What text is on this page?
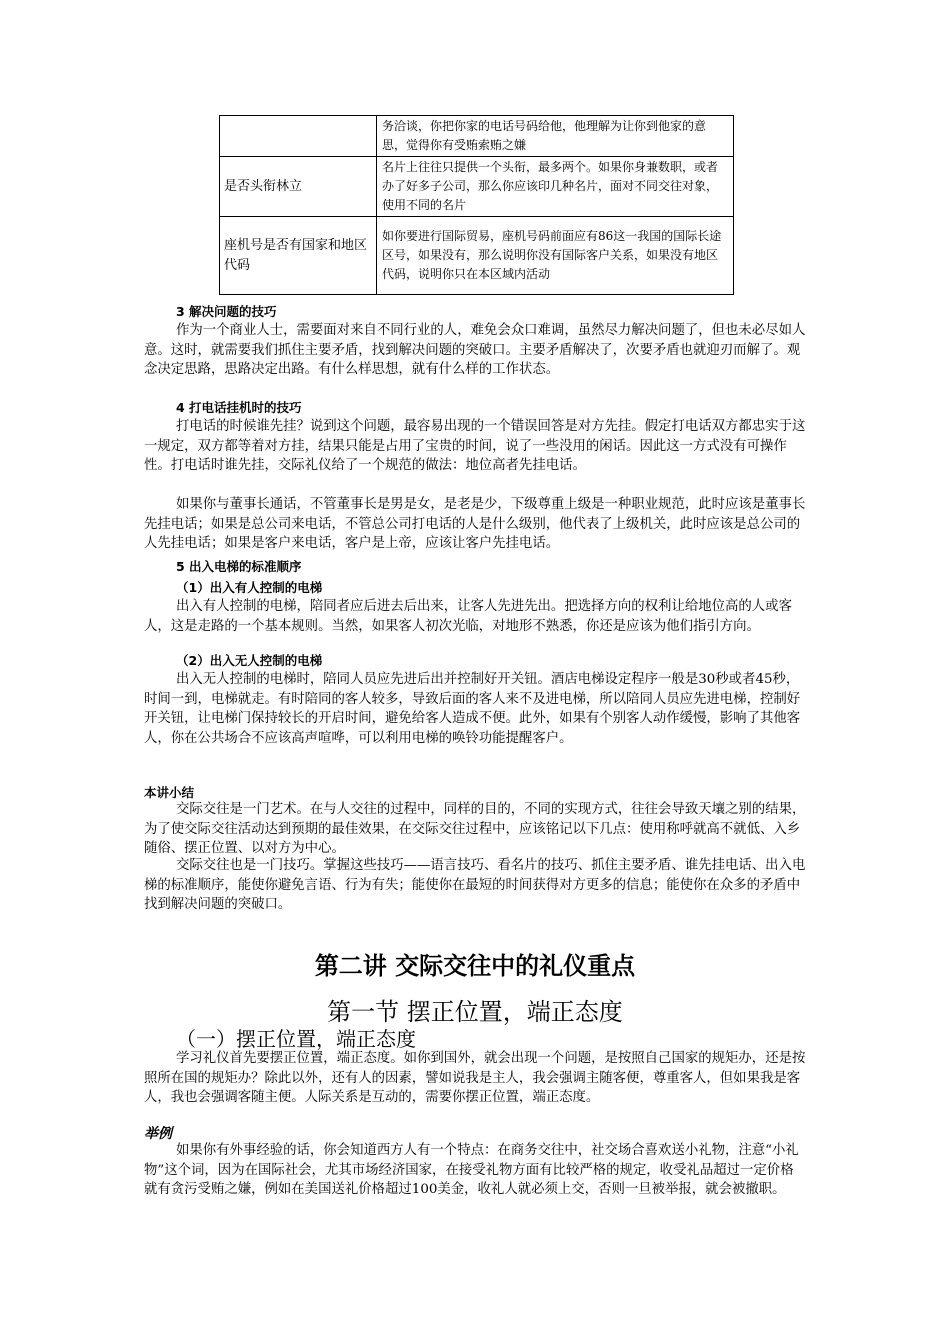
	务洽谈，你把你家的电话号码给他，他理解为让你到他家的意思，觉得你有受贿索贿之嫌
是否头衔林立	名片上往往只提供一个头衔，最多两个。如果你身兼数职，或者办了好多子公司，那么你应该印几种名片，面对不同交往对象，使用不同的名片
座机号是否有国家和地区代码	如你要进行国际贸易，座机号码前面应有86这一我国的国际长途区号，如果没有，那么说明你没有国际客户关系，如果没有地区代码，说明你只在本区域内活动
3 解决问题的技巧
作为一个商业人士，需要面对来自不同行业的人，难免会众口难调，虽然尽力解决问题了，但也未必尽如人意。这时，就需要我们抓住主要矛盾，找到解决问题的突破口。主要矛盾解决了，次要矛盾也就迎刃而解了。观念决定思路，思路决定出路。有什么样思想，就有什么样的工作状态。
4 打电话挂机时的技巧
打电话的时候谁先挂？说到这个问题，最容易出现的一个错误回答是对方先挂。假定打电话双方都忠实于这一规定，双方都等着对方挂，结果只能是占用了宝贵的时间，说了一些没用的闲话。因此这一方式没有可操作性。打电话时谁先挂，交际礼仪给了一个规范的做法：地位高者先挂电话。
如果你与董事长通话，不管董事长是男是女，是老是少，下级尊重上级是一种职业规范，此时应该是董事长先挂电话；如果是总公司来电话，不管总公司打电话的人是什么级别，他代表了上级机关，此时应该是总公司的人先挂电话；如果是客户来电话，客户是上帝，应该让客户先挂电话。
5 出入电梯的标准顺序
（1）出入有人控制的电梯
出入有人控制的电梯，陪同者应后进去后出来，让客人先进先出。把选择方向的权利让给地位高的人或客人，这是走路的一个基本规则。当然，如果客人初次光临，对地形不熟悉，你还是应该为他们指引方向。
（2）出入无人控制的电梯
出入无人控制的电梯时，陪同人员应先进后出并控制好开关钮。酒店电梯设定程序一般是30秒或者45秒，时间一到，电梯就走。有时陪同的客人较多，导致后面的客人来不及进电梯，所以陪同人员应先进电梯，控制好开关钮，让电梯门保持较长的开启时间，避免给客人造成不便。此外，如果有个别客人动作缓慢，影响了其他客人，你在公共场合不应该高声喧哗，可以利用电梯的唤铃功能提醒客户。
本讲小结
交际交往是一门艺术。在与人交往的过程中，同样的目的，不同的实现方式，往往会导致天壤之别的结果，为了使交际交往活动达到预期的最佳效果，在交际交往过程中，应该铭记以下几点：使用称呼就高不就低、入乡随俗、摆正位置、以对方为中心。
交际交往也是一门技巧。掌握这些技巧——语言技巧、看名片的技巧、抓住主要矛盾、谁先挂电话、出入电梯的标准顺序，能使你避免言语、行为有失；能使你在最短的时间获得对方更多的信息；能使你在众多的矛盾中找到解决问题的突破口。
第二讲 交际交往中的礼仪重点
第一节 摆正位置，端正态度
（一）摆正位置，端正态度
学习礼仪首先要摆正位置，端正态度。如你到国外，就会出现一个问题，是按照自己国家的规矩办，还是按照所在国的规矩办？除此以外，还有人的因素，譬如说我是主人，我会强调主随客便，尊重客人，但如果我是客人，我也会强调客随主便。人际关系是互动的，需要你摆正位置，端正态度。
举例
如果你有外事经验的话，你会知道西方人有一个特点：在商务交往中，社交场合喜欢送小礼物，注意“小礼物”这个词，因为在国际社会，尤其市场经济国家，在接受礼物方面有比较严格的规定，收受礼品超过一定价格就有贪污受贿之嫌，例如在美国送礼价格超过100美金，收礼人就必须上交，否则一旦被举报，就会被撤职。
